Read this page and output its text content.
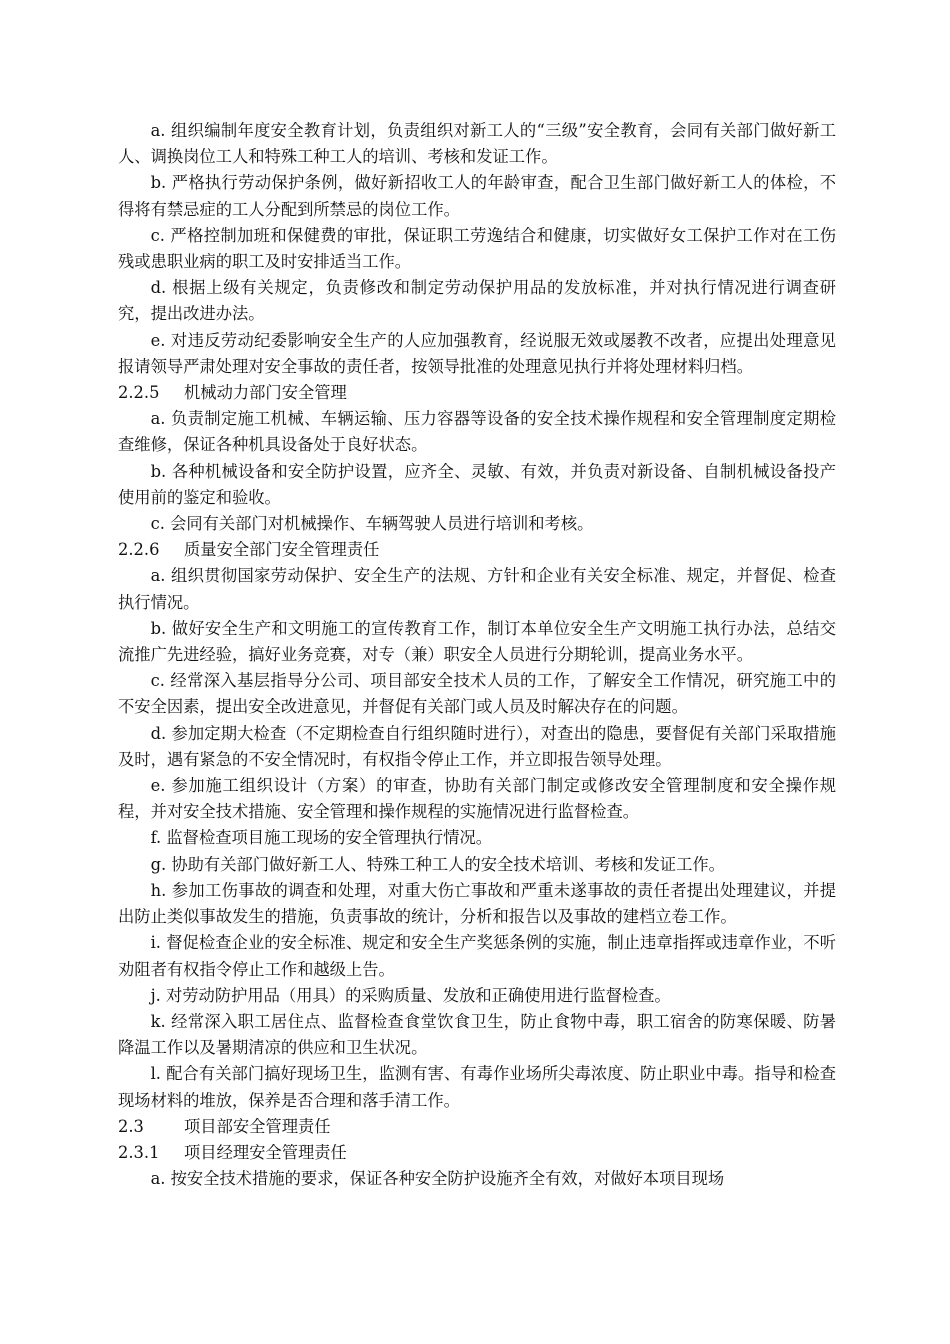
a. 组织编制年度安全教育计划，负责组织对新工人的“三级”安全教育，会同有关部门做好新工人、调换岗位工人和特殊工种工人的培训、考核和发证工作。

b. 严格执行劳动保护条例，做好新招收工人的年龄审查，配合卫生部门做好新工人的体检，不得将有禁忌症的工人分配到所禁忌的岗位工作。

c. 严格控制加班和保健费的审批，保证职工劳逸结合和健康，切实做好女工保护工作对在工伤残或患职业病的职工及时安排适当工作。

d. 根据上级有关规定，负责修改和制定劳动保护用品的发放标准，并对执行情况进行调查研究，提出改进办法。

e. 对违反劳动纪委影响安全生产的人应加强教育，经说服无效或屡教不改者，应提出处理意见报请领导严肃处理对安全事故的责任者，按领导批准的处理意见执行并将处理材料归档。

2.2.5 机械动力部门安全管理

a. 负责制定施工机械、车辆运输、压力容器等设备的安全技术操作规程和安全管理制度定期检查维修，保证各种机具设备处于良好状态。

b. 各种机械设备和安全防护设置，应齐全、灵敏、有效，并负责对新设备、自制机械设备投产使用前的鉴定和验收。

c. 会同有关部门对机械操作、车辆驾驶人员进行培训和考核。

2.2.6 质量安全部门安全管理责任

a. 组织贯彻国家劳动保护、安全生产的法规、方针和企业有关安全标准、规定，并督促、检查执行情况。

b. 做好安全生产和文明施工的宣传教育工作，制订本单位安全生产文明施工执行办法，总结交流推广先进经验，搞好业务竞赛，对专（兼）职安全人员进行分期轮训，提高业务水平。

c. 经常深入基层指导分公司、项目部安全技术人员的工作，了解安全工作情况，研究施工中的不安全因素，提出安全改进意见，并督促有关部门或人员及时解决存在的问题。

d. 参加定期大检查（不定期检查自行组织随时进行），对查出的隐患，要督促有关部门采取措施及时，遇有紧急的不安全情况时，有权指令停止工作，并立即报告领导处理。

e. 参加施工组织设计（方案）的审查，协助有关部门制定或修改安全管理制度和安全操作规程，并对安全技术措施、安全管理和操作规程的实施情况进行监督检查。

f. 监督检查项目施工现场的安全管理执行情况。

g. 协助有关部门做好新工人、特殊工种工人的安全技术培训、考核和发证工作。

h. 参加工伤事故的调查和处理，对重大伤亡事故和严重未遂事故的责任者提出处理建议，并提出防止类似事故发生的措施，负责事故的统计，分析和报告以及事故的建档立卷工作。

i. 督促检查企业的安全标准、规定和安全生产奖惩条例的实施，制止违章指挥或违章作业，不听劝阻者有权指令停止工作和越级上告。

j. 对劳动防护用品（用具）的采购质量、发放和正确使用进行监督检查。

k. 经常深入职工居住点、监督检查食堂饮食卫生，防止食物中毒，职工宿舍的防寒保暖、防暑降温工作以及暑期清凉的供应和卫生状况。

l. 配合有关部门搞好现场卫生，监测有害、有毒作业场所尖毒浓度、防止职业中毒。指导和检查现场材料的堆放，保养是否合理和落手清工作。

2.3 项目部安全管理责任

2.3.1 项目经理安全管理责任

a. 按安全技术措施的要求，保证各种安全防护设施齐全有效，对做好本项目现场
